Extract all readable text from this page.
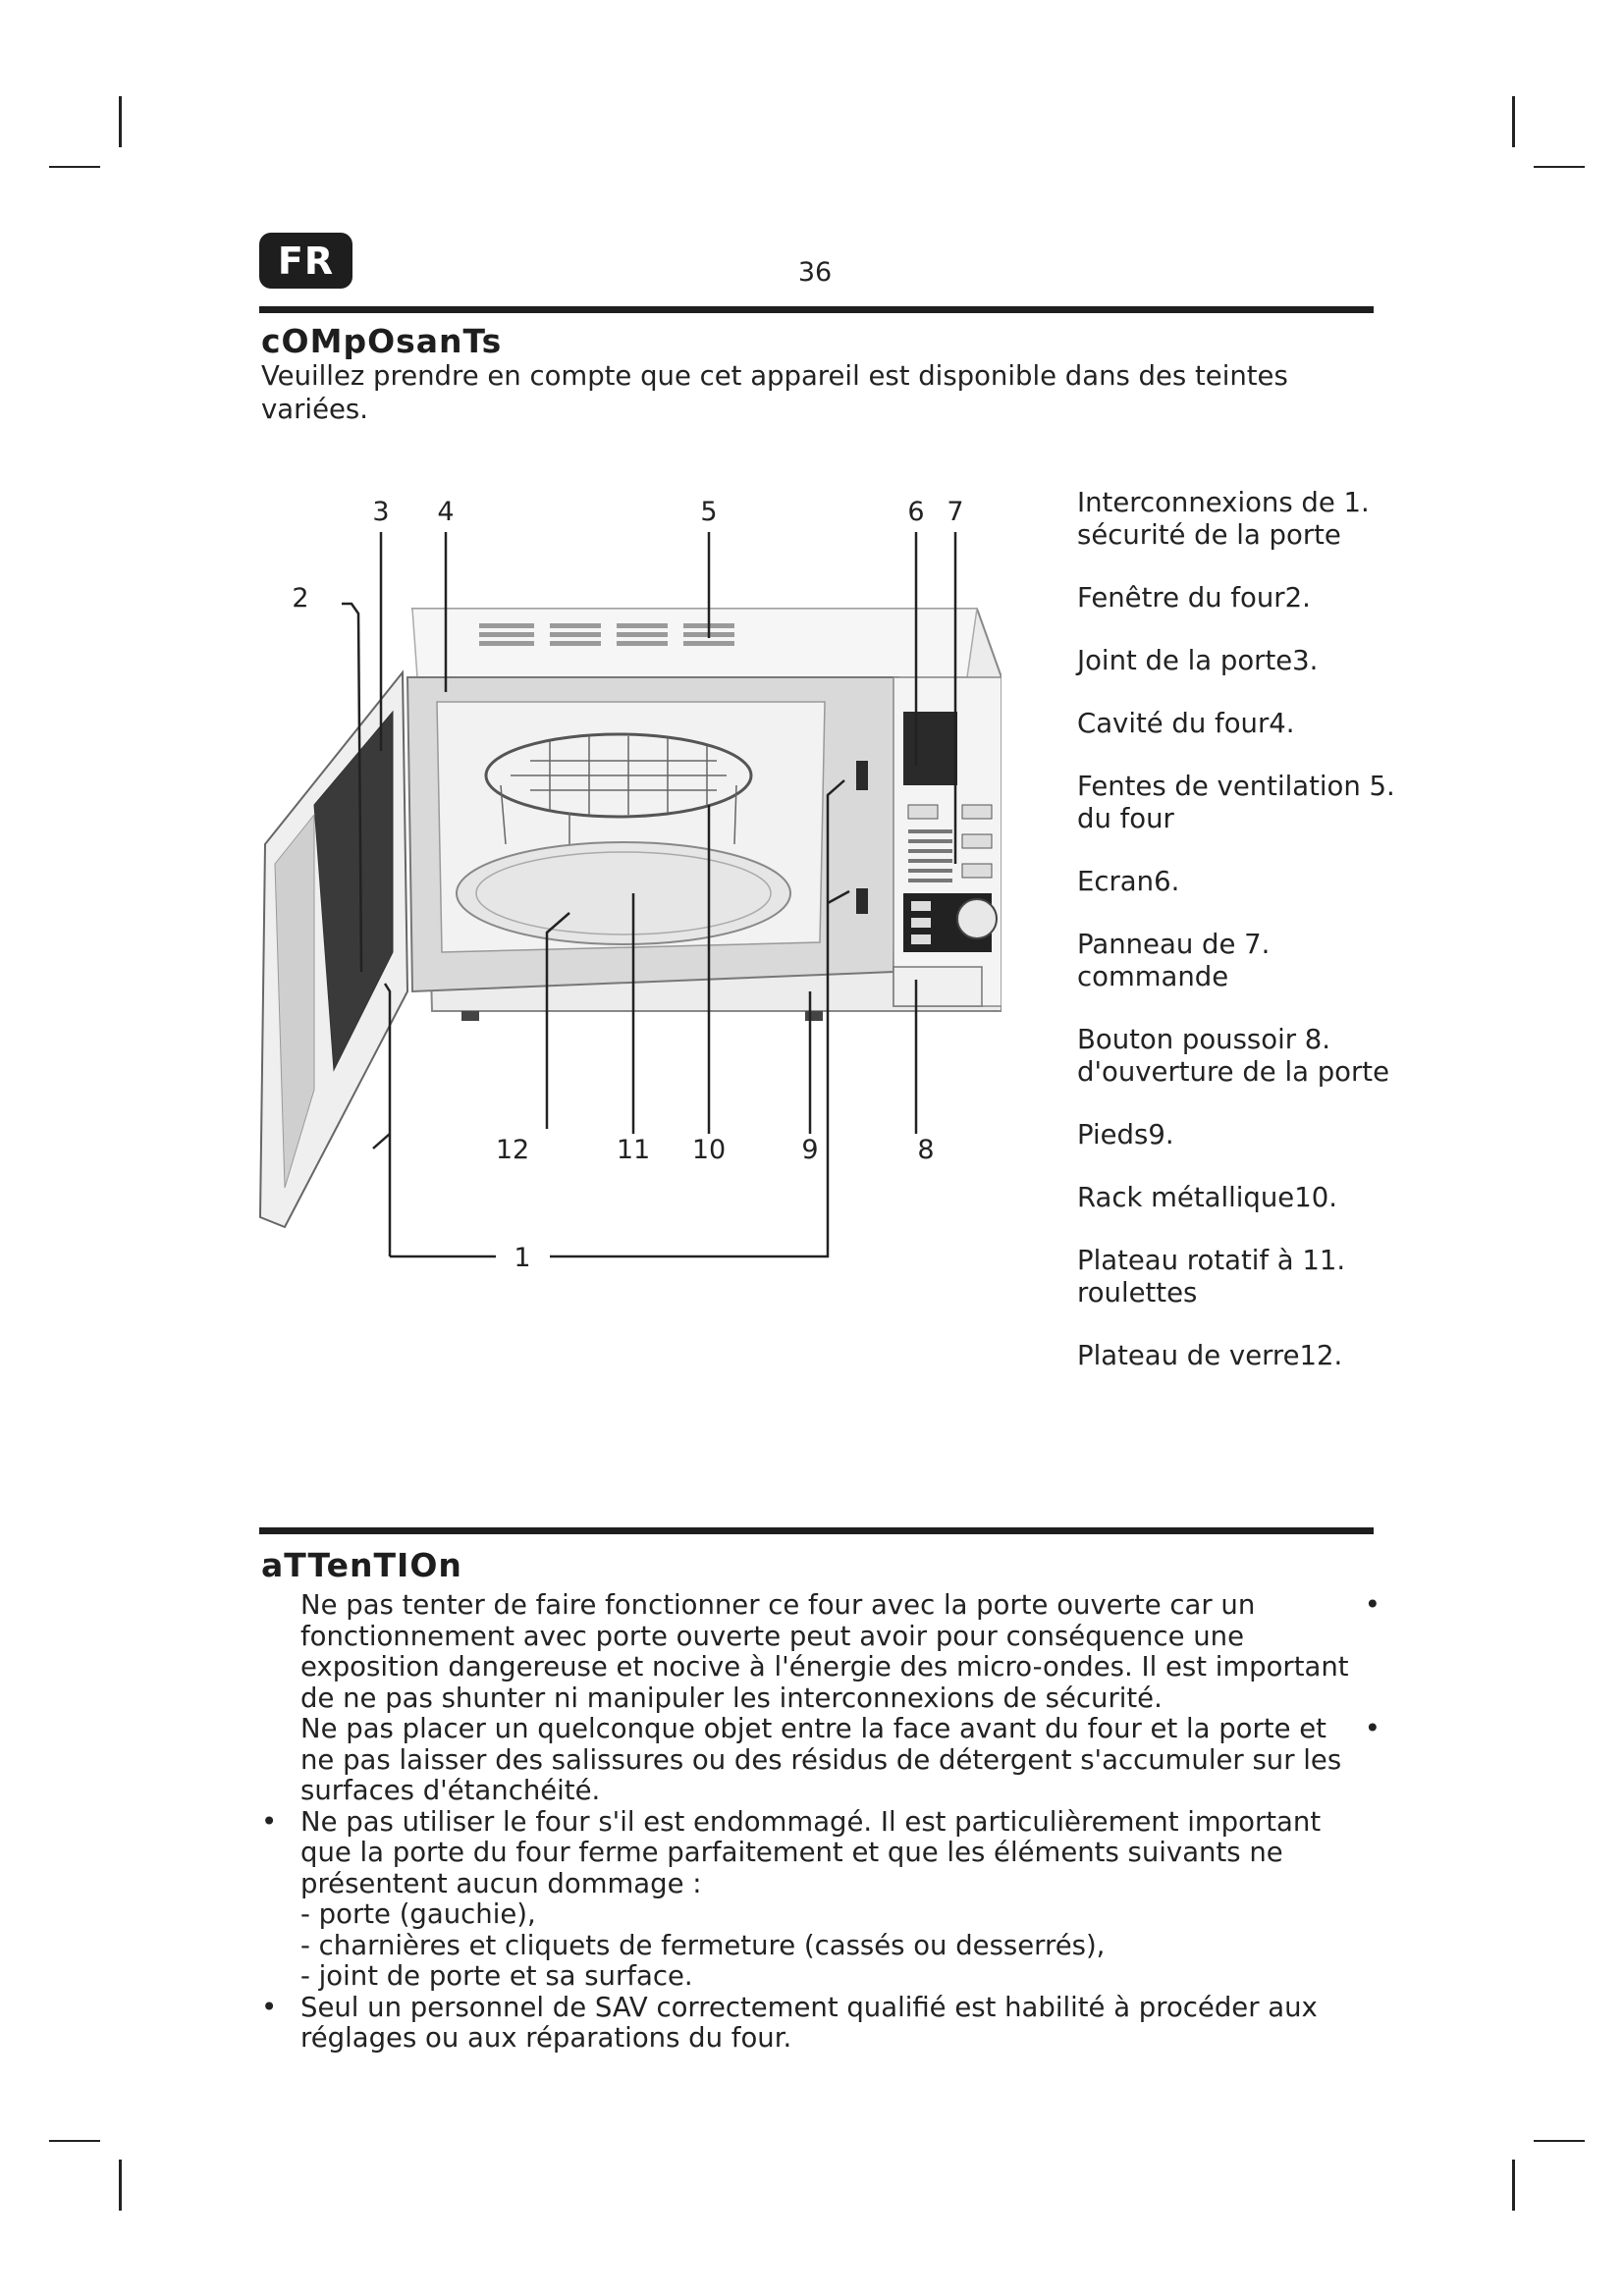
FR	36
cOMpOsanTs
Veuillez prendre en compte que cet appareil est disponible dans des teintes variées.
3 4	5	6 7
2
12	11 10	9	8
1
Interconnexions de 1. sécurité de la porte
Fenêtre du four2.
Joint de la porte3.
Cavité du four4.
Fentes de ventilation 5. du four
Ecran6.
Panneau de 7. commande
Bouton poussoir 8. d'ouverture de la porte
Pieds9.
Rack métallique10.
Plateau rotatif à 11. roulettes
Plateau de verre12.
aTTenTIOn
•
Ne pas tenter de faire fonctionner ce four avec la porte ouverte car un fonctionnement avec porte ouverte peut avoir pour conséquence une exposition dangereuse et nocive à l'énergie des micro-ondes. Il est important de ne pas shunter ni manipuler les interconnexions de sécurité.
•
Ne pas placer un quelconque objet entre la face avant du four et la porte et ne pas laisser des salissures ou des résidus de détergent s'accumuler sur les surfaces d'étanchéité.
• Ne pas utiliser le four s'il est endommagé. Il est particulièrement important que la porte du four ferme parfaitement et que les éléments suivants ne présentent aucun dommage :
- porte (gauchie),
- charnières et cliquets de fermeture (cassés ou desserrés),
- joint de porte et sa surface.
• Seul un personnel de SAV correctement qualifié est habilité à procéder aux réglages ou aux réparations du four.
